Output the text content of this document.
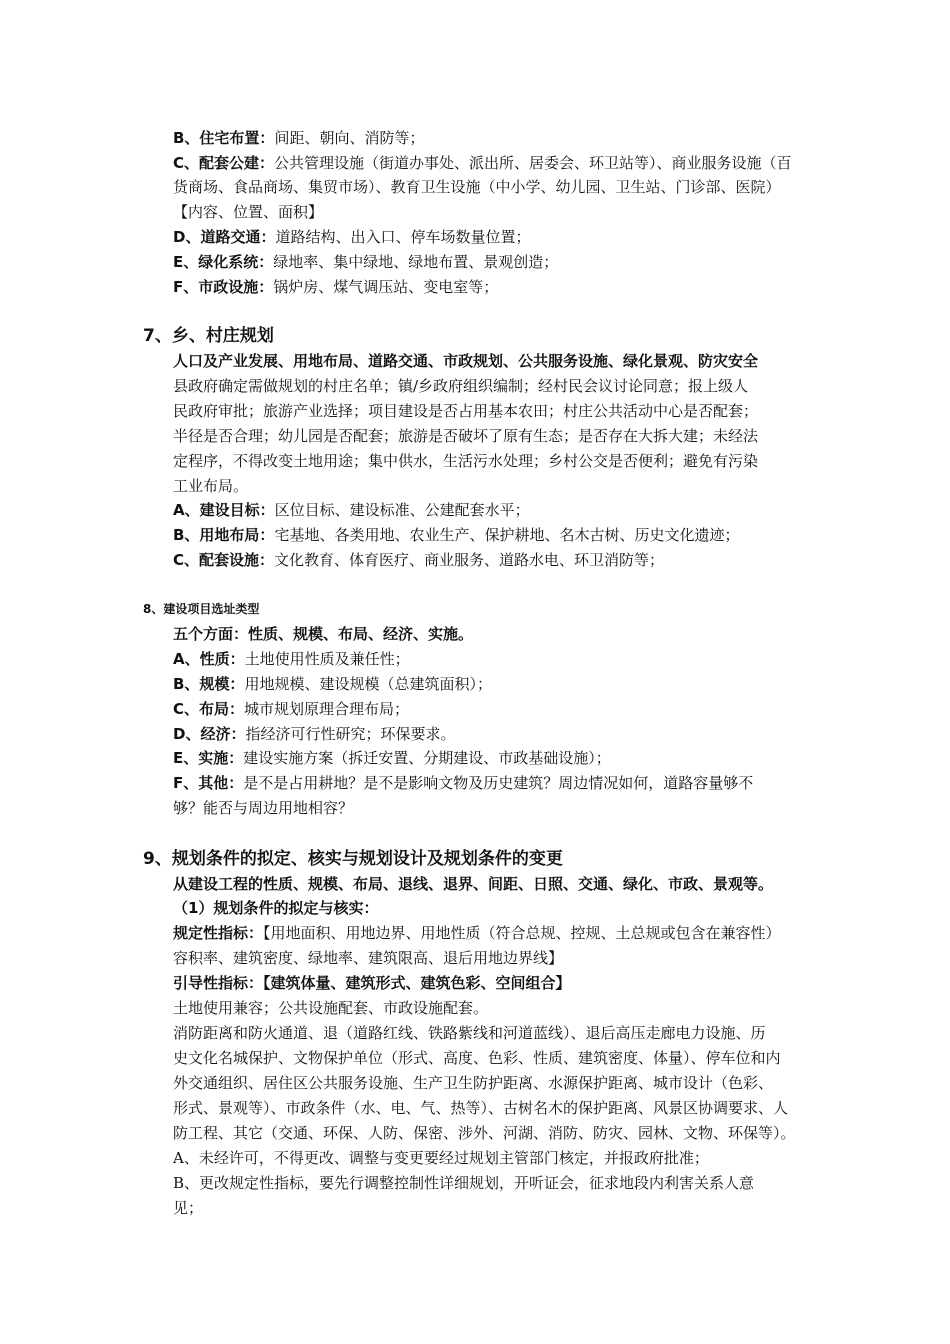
B、住宅布置：间距、朝向、消防等；
C、配套公建：公共管理设施（街道办事处、派出所、居委会、环卫站等）、商业服务设施（百
货商场、食品商场、集贸市场）、教育卫生设施（中小学、幼儿园、卫生站、门诊部、医院）
【内容、位置、面积】
D、道路交通：道路结构、出入口、停车场数量位置；
E、绿化系统：绿地率、集中绿地、绿地布置、景观创造；
F、市政设施：锅炉房、煤气调压站、变电室等；
7、乡、村庄规划
人口及产业发展、用地布局、道路交通、市政规划、公共服务设施、绿化景观、防灾安全
县政府确定需做规划的村庄名单；镇/乡政府组织编制；经村民会议讨论同意；报上级人
民政府审批；旅游产业选择；项目建设是否占用基本农田；村庄公共活动中心是否配套；
半径是否合理；幼儿园是否配套；旅游是否破坏了原有生态；是否存在大拆大建；未经法
定程序，不得改变土地用途；集中供水，生活污水处理；乡村公交是否便利；避免有污染
工业布局。
A、建设目标：区位目标、建设标准、公建配套水平；
B、用地布局：宅基地、各类用地、农业生产、保护耕地、名木古树、历史文化遗迹；
C、配套设施：文化教育、体育医疗、商业服务、道路水电、环卫消防等；
8、建设项目选址类型
五个方面：性质、规模、布局、经济、实施。
A、性质：土地使用性质及兼任性；
B、规模：用地规模、建设规模（总建筑面积）；
C、布局：城市规划原理合理布局；
D、经济：指经济可行性研究；环保要求。
E、实施：建设实施方案（拆迁安置、分期建设、市政基础设施）；
F、其他：是不是占用耕地？是不是影响文物及历史建筑？周边情况如何，道路容量够不
够？能否与周边用地相容？
9、规划条件的拟定、核实与规划设计及规划条件的变更
从建设工程的性质、规模、布局、退线、退界、间距、日照、交通、绿化、市政、景观等。
（1）规划条件的拟定与核实：
规定性指标：【用地面积、用地边界、用地性质（符合总规、控规、土总规或包含在兼容性）
容积率、建筑密度、绿地率、建筑限高、退后用地边界线】
引导性指标：【建筑体量、建筑形式、建筑色彩、空间组合】
土地使用兼容；公共设施配套、市政设施配套。
消防距离和防火通道、退（道路红线、铁路紫线和河道蓝线）、退后高压走廊电力设施、历
史文化名城保护、文物保护单位（形式、高度、色彩、性质、建筑密度、体量）、停车位和内
外交通组织、居住区公共服务设施、生产卫生防护距离、水源保护距离、城市设计（色彩、
形式、景观等）、市政条件（水、电、气、热等）、古树名木的保护距离、风景区协调要求、人
防工程、其它（交通、环保、人防、保密、涉外、河湖、消防、防灾、园林、文物、环保等）。
A、未经许可，不得更改、调整与变更要经过规划主管部门核定，并报政府批准；
B、更改规定性指标，要先行调整控制性详细规划，开听证会，征求地段内利害关系人意
见；
